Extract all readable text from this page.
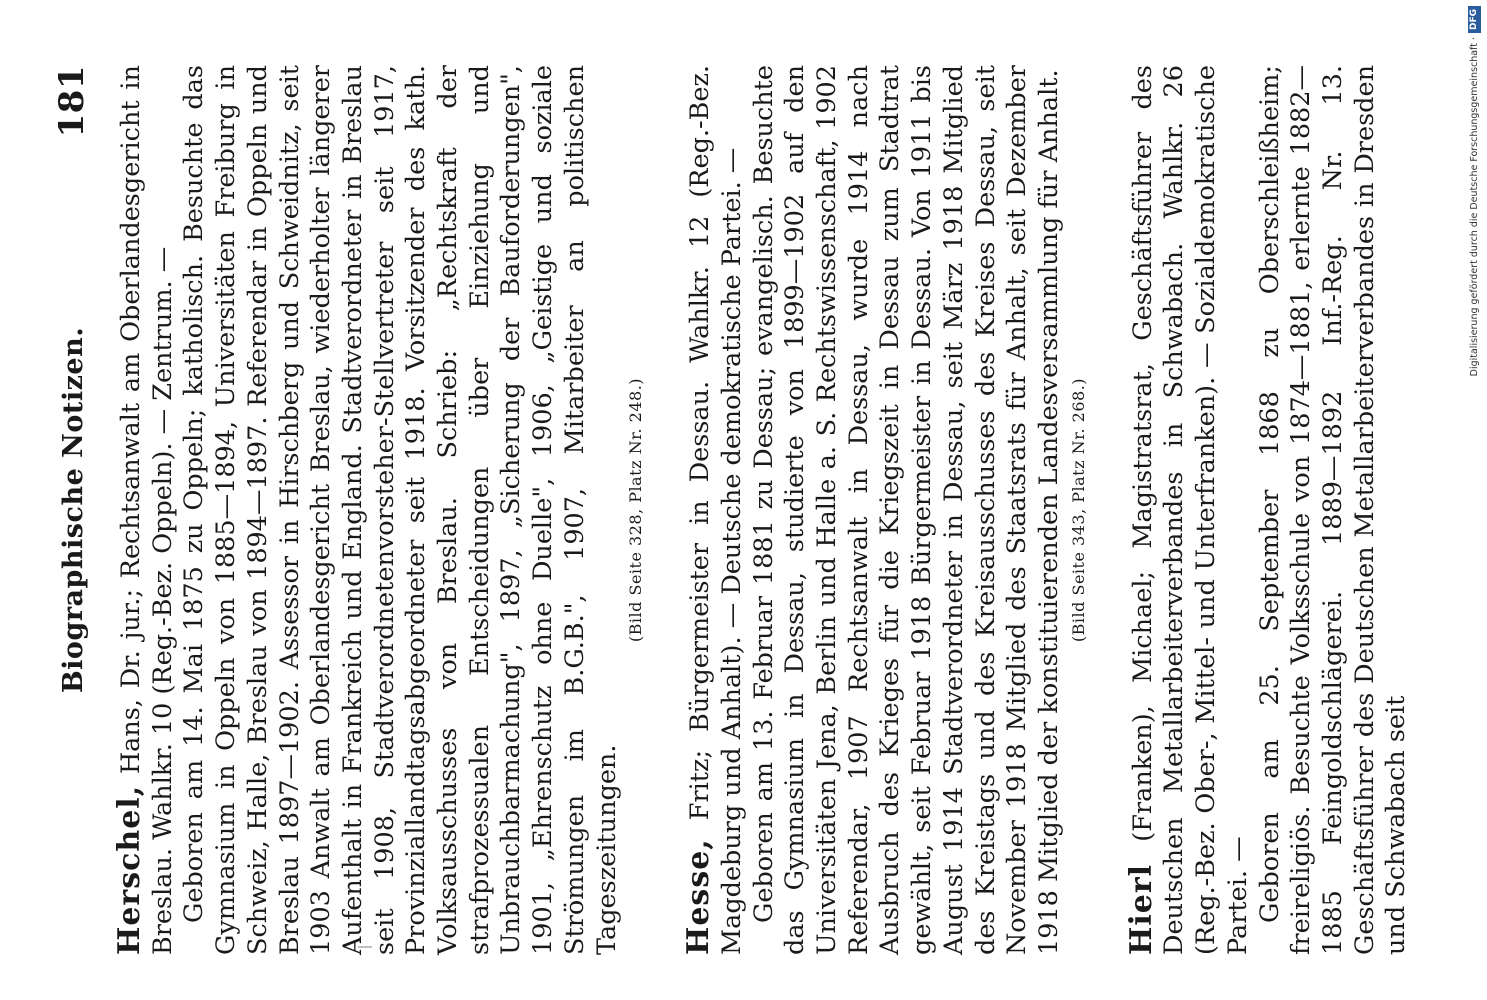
Biographische Notizen.
181

Herschel, Hans, Dr. jur.; Rechtsanwalt am Oberlandesgericht in Breslau. Wahlkr. 10 (Reg.-Bez. Oppeln). — Zentrum. — Geboren am 14. Mai 1875 zu Oppeln; katholisch. Besuchte das Gymnasium in Oppeln von 1885—1894, Universitäten Freiburg in Schweiz, Halle, Breslau von 1894—1897. Referendar in Oppeln und Breslau 1897—1902. Assessor in Hirschberg und Schweidnitz, seit 1903 Anwalt am Oberlandesgericht Breslau, wiederholter längerer Aufenthalt in Frankreich und England. Stadtverordneter in Breslau seit 1908, Stadtverordnetenvorsteher-Stellvertreter seit 1917, Provinziallandtagsabgeordneter seit 1918. Vorsitzender des kath. Volksausschusses von Breslau. Schrieb: „Rechtskraft der strafprozessualen Entscheidungen über Einziehung und Unbrauchbarmachung", 1897, „Sicherung der Bauforderungen", 1901, „Ehrenschutz ohne Duelle", 1906, „Geistige und soziale Strömungen im B.G.B.", 1907, Mitarbeiter an politischen Tageszeitungen.

(Bild Seite 328, Platz Nr. 248.)

Hesse, Fritz; Bürgermeister in Dessau. Wahlkr. 12 (Reg.-Bez. Magdeburg und Anhalt). — Deutsche demokratische Partei. — Geboren am 13. Februar 1881 zu Dessau; evangelisch. Besuchte das Gymnasium in Dessau, studierte von 1899—1902 auf den Universitäten Jena, Berlin und Halle a. S. Rechtswissenschaft, 1902 Referendar, 1907 Rechtsanwalt in Dessau, wurde 1914 nach Ausbruch des Krieges für die Kriegszeit in Dessau zum Stadtrat gewählt, seit Februar 1918 Bürgermeister in Dessau. Von 1911 bis August 1914 Stadtverordneter in Dessau, seit März 1918 Mitglied des Kreistags und des Kreisausschusses des Kreises Dessau, seit November 1918 Mitglied des Staatsrats für Anhalt, seit Dezember 1918 Mitglied der konstituierenden Landesversammlung für Anhalt. (Bild Seite 343, Platz Nr. 268.)

Hierl (Franken), Michael; Magistratsrat, Geschäftsführer des Deutschen Metallarbeiterverbandes in Schwabach. Wahlkr. 26 (Reg.-Bez. Ober-, Mittel- und Unterfranken). — Sozialdemokratische Partei. — Geboren am 25. September 1868 zu Oberschleißheim; freireligiös. Besuchte Volksschule von 1874—1881, erlernte 1882—1885 Feingoldschlägerei. 1889—1892 Inf.-Reg. Nr. 13. Geschäftsführer des Deutschen Metallarbeiterverbandes in Dresden und Schwabach seit

Digitalisierung gefördert durch die Deutsche Forschungsgemeinschaft ·
DFG
